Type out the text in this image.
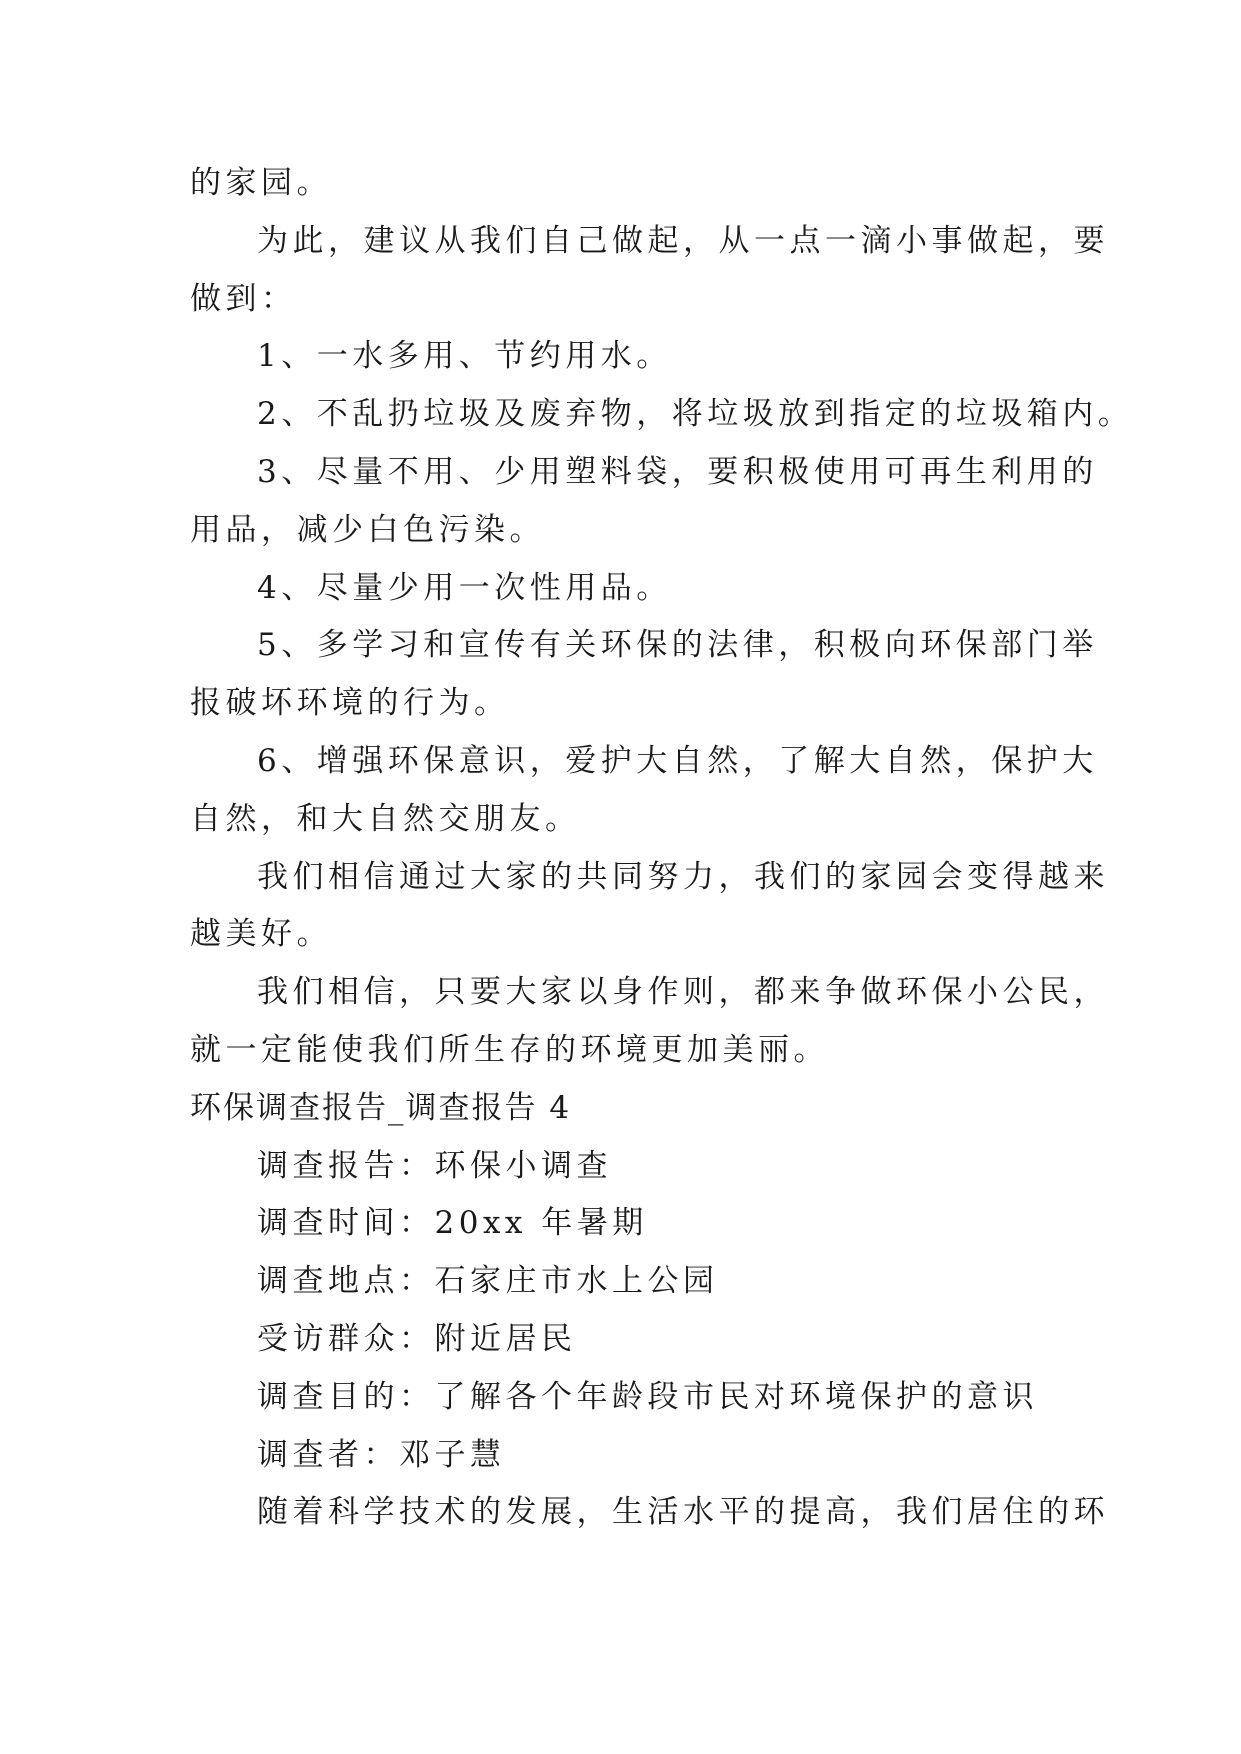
的家园。
为此，建议从我们自己做起，从一点一滴小事做起，要
做到：
1、一水多用、节约用水。
2、不乱扔垃圾及废弃物，将垃圾放到指定的垃圾箱内。
3、尽量不用、少用塑料袋，要积极使用可再生利用的
用品，减少白色污染。
4、尽量少用一次性用品。
5、多学习和宣传有关环保的法律，积极向环保部门举
报破坏环境的行为。
6、增强环保意识，爱护大自然，了解大自然，保护大
自然，和大自然交朋友。
我们相信通过大家的共同努力，我们的家园会变得越来
越美好。
我们相信，只要大家以身作则，都来争做环保小公民，
就一定能使我们所生存的环境更加美丽。
环保调查报告_调查报告 4
调查报告：环保小调查
调查时间：20xx 年暑期
调查地点：石家庄市水上公园
受访群众：附近居民
调查目的：了解各个年龄段市民对环境保护的意识
调查者：邓子慧
随着科学技术的发展，生活水平的提高，我们居住的环
